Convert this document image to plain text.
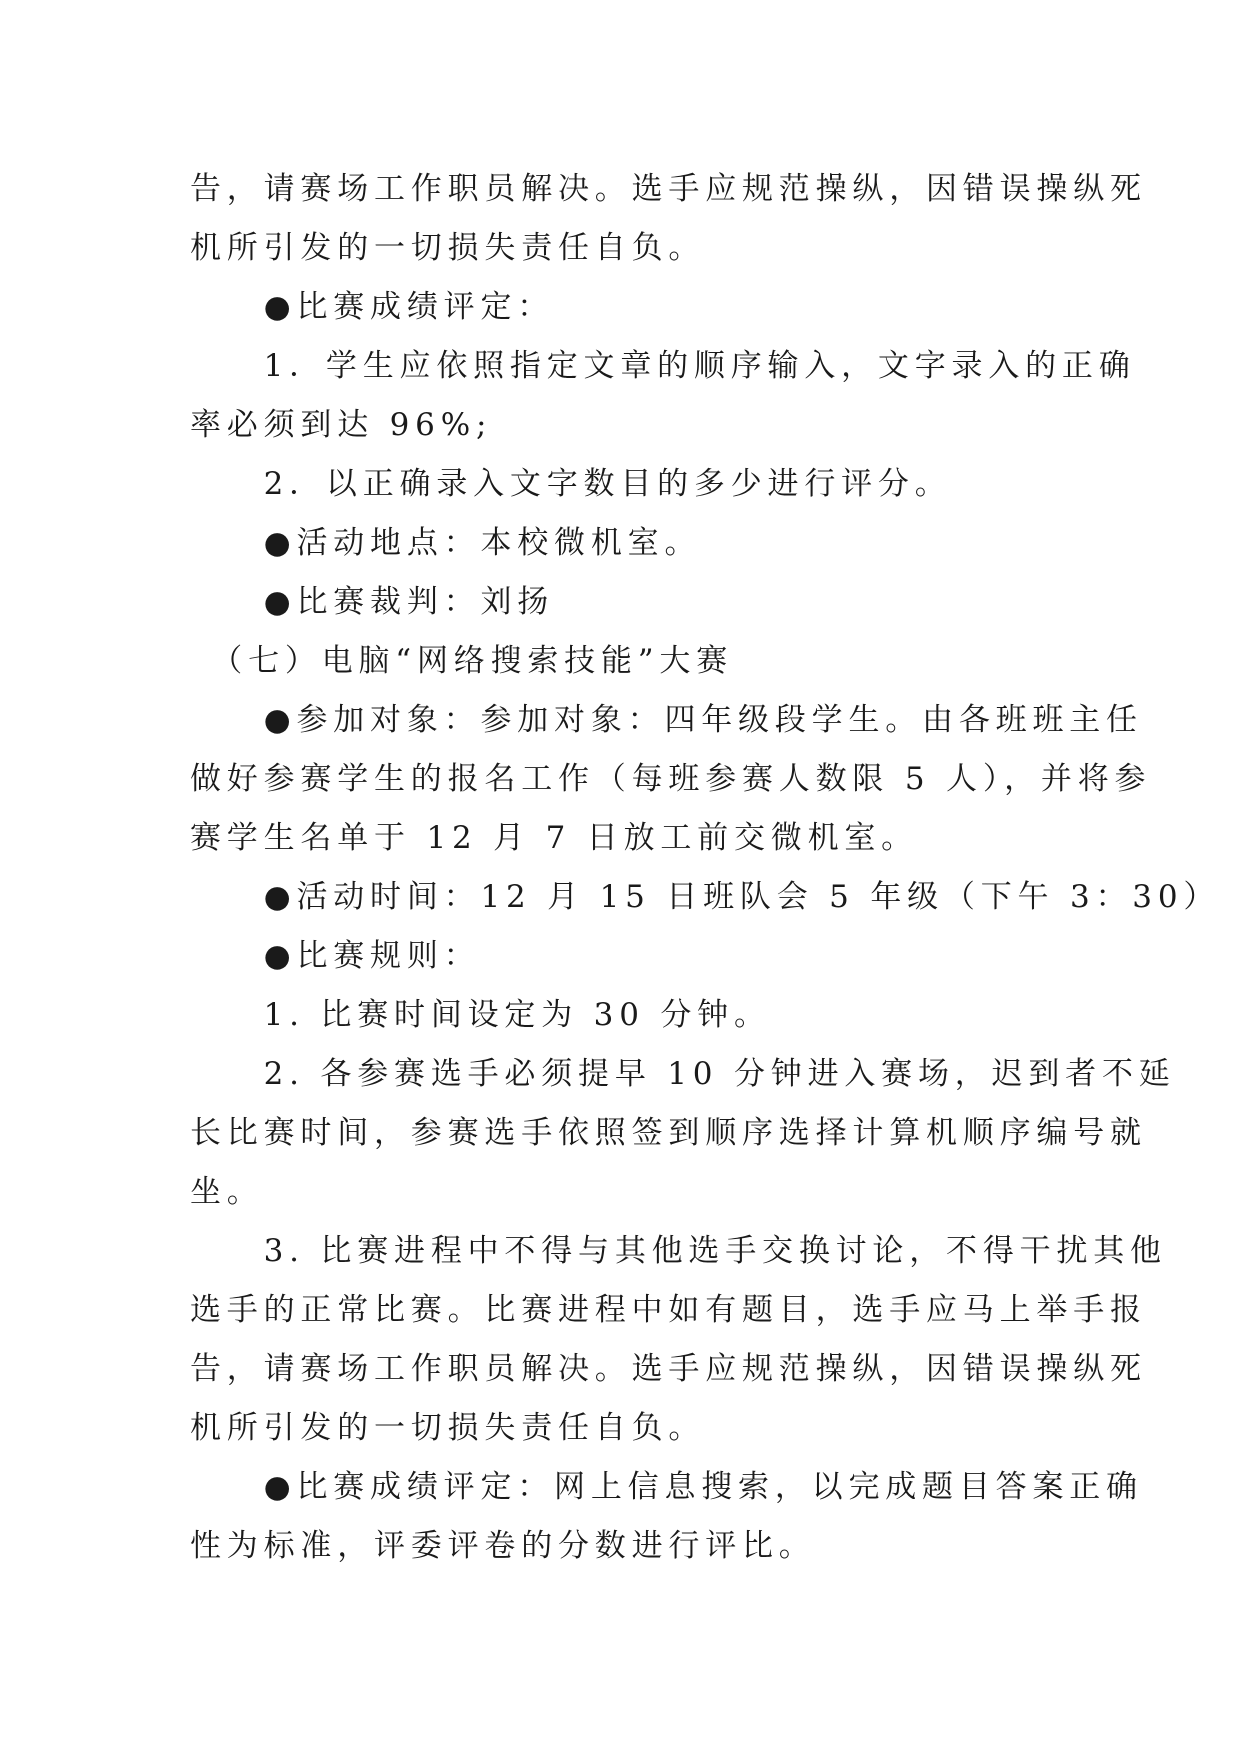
告，请赛场工作职员解决。选手应规范操纵，因错误操纵死

机所引发的一切损失责任自负。

　　●比赛成绩评定：

　　1．学生应依照指定文章的顺序输入，文字录入的正确

率必须到达 96%;

　　2．以正确录入文字数目的多少进行评分。

　　●活动地点：本校微机室。

　　●比赛裁判：刘扬

　（七）电脑“网络搜索技能”大赛

　　●参加对象：参加对象：四年级段学生。由各班班主任

做好参赛学生的报名工作（每班参赛人数限 5 人），并将参

赛学生名单于 12 月 7 日放工前交微机室。

　　●活动时间：12 月 15 日班队会 5 年级（下午 3：30）

　　●比赛规则：

　　1. 比赛时间设定为 30 分钟。

　　2. 各参赛选手必须提早 10 分钟进入赛场，迟到者不延

长比赛时间，参赛选手依照签到顺序选择计算机顺序编号就

坐。

　　3. 比赛进程中不得与其他选手交换讨论，不得干扰其他

选手的正常比赛。比赛进程中如有题目，选手应马上举手报

告，请赛场工作职员解决。选手应规范操纵，因错误操纵死

机所引发的一切损失责任自负。

　　●比赛成绩评定：网上信息搜索，以完成题目答案正确

性为标准，评委评卷的分数进行评比。
